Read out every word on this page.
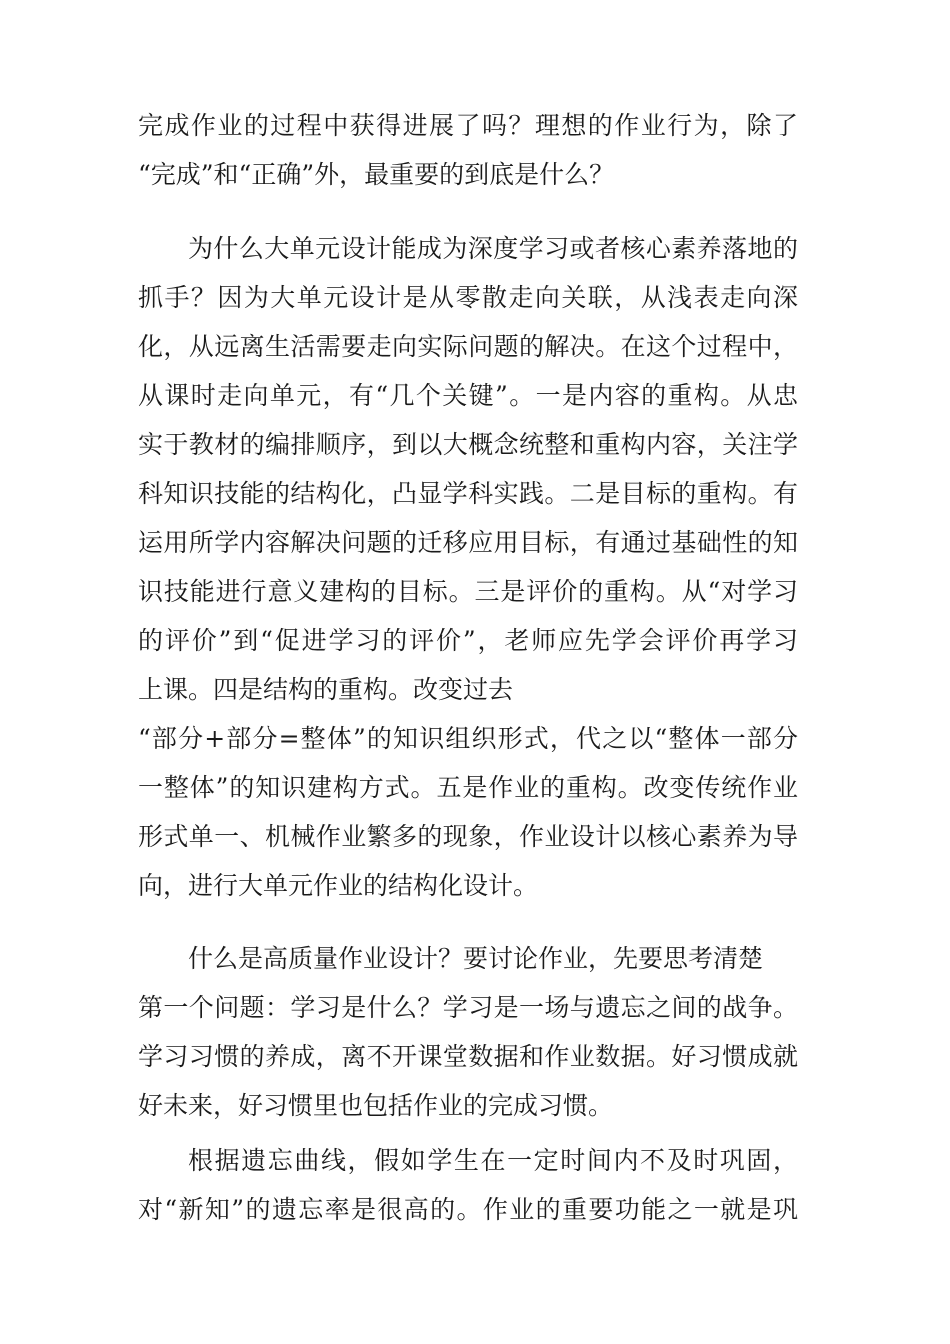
完成作业的过程中获得进展了吗？理想的作业行为，除了
“完成”和“正确”外，最重要的到底是什么？
为什么大单元设计能成为深度学习或者核心素养落地的
抓手？因为大单元设计是从零散走向关联，从浅表走向深
化，从远离生活需要走向实际问题的解决。在这个过程中，
从课时走向单元，有“几个关键”。一是内容的重构。从忠
实于教材的编排顺序，到以大概念统整和重构内容，关注学
科知识技能的结构化，凸显学科实践。二是目标的重构。有
运用所学内容解决问题的迁移应用目标，有通过基础性的知
识技能进行意义建构的目标。三是评价的重构。从“对学习
的评价”到“促进学习的评价”，老师应先学会评价再学习
上课。四是结构的重构。改变过去
“部分+部分=整体”的知识组织形式，代之以“整体一部分
一整体”的知识建构方式。五是作业的重构。改变传统作业
形式单一、机械作业繁多的现象，作业设计以核心素养为导
向，进行大单元作业的结构化设计。
什么是高质量作业设计？要讨论作业，先要思考清楚
第一个问题：学习是什么？学习是一场与遗忘之间的战争。
学习习惯的养成，离不开课堂数据和作业数据。好习惯成就
好未来，好习惯里也包括作业的完成习惯。
根据遗忘曲线，假如学生在一定时间内不及时巩固，
对“新知”的遗忘率是很高的。作业的重要功能之一就是巩
